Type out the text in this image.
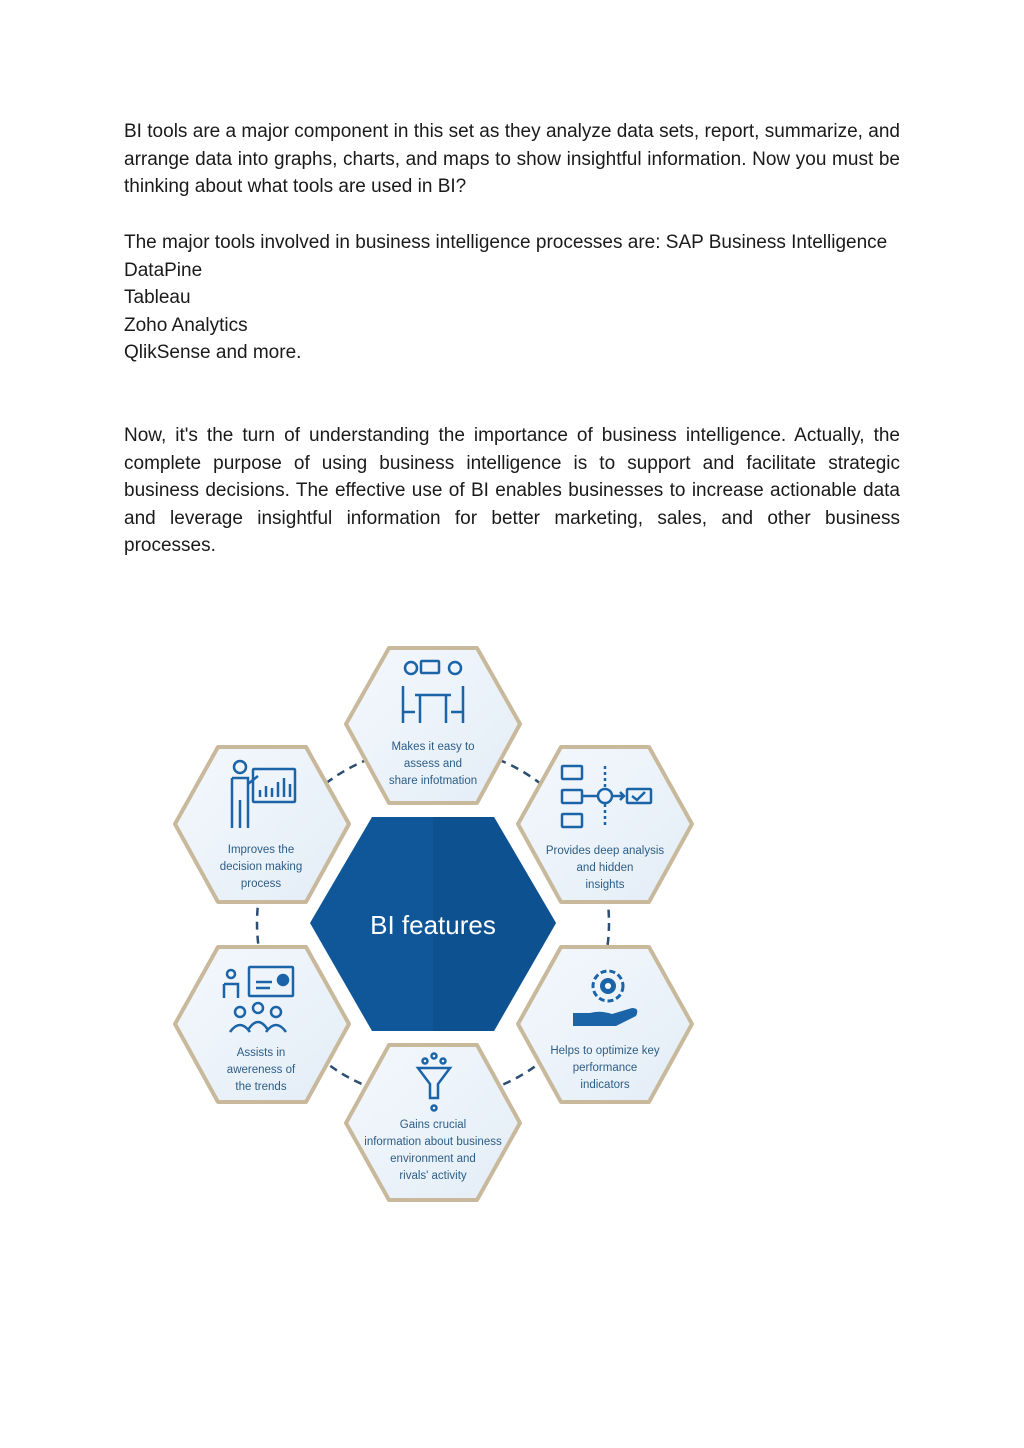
BI tools are a major component in this set as they analyze data sets, report, summarize, and arrange data into graphs, charts, and maps to show insightful information. Now you must be thinking about what tools are used in BI?

The major tools involved in business intelligence processes are: SAP Business Intelligence
DataPine
Tableau
Zoho Analytics
QlikSense and more.

Now, it's the turn of understanding the importance of business intelligence. Actually, the complete purpose of using business intelligence is to support and facilitate strategic business decisions. The effective use of BI enables businesses to increase actionable data and leverage insightful information for better marketing, sales, and other business processes.

BI features
Makes it easy to assess and share infotmation
Provides deep analysis and hidden insights
Helps to optimize key performance indicators
Gains crucial information about business environment and rivals' activity
Assists in awereness of the trends
Improves the decision making process
